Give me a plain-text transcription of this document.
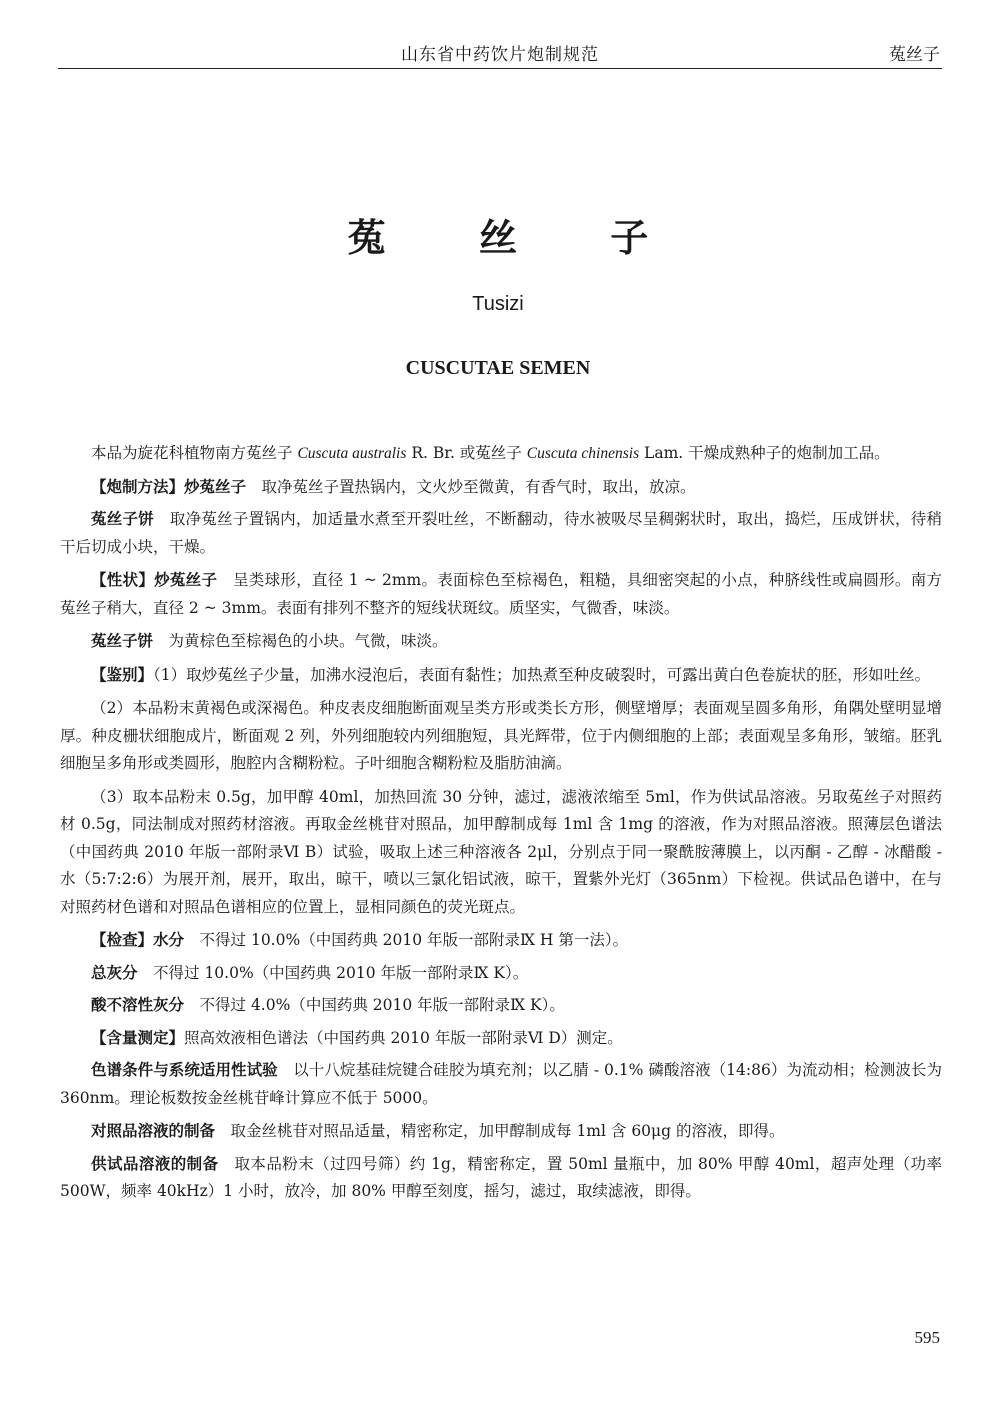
山东省中药饮片炮制规范	菟丝子
菟 丝 子
Tusizi
CUSCUTAE SEMEN

本品为旋花科植物南方菟丝子 Cuscuta australis R. Br. 或菟丝子 Cuscuta chinensis Lam. 干燥成熟种子的炮制加工品。

【炮制方法】炒菟丝子　取净菟丝子置热锅内，文火炒至微黄，有香气时，取出，放凉。

菟丝子饼　取净菟丝子置锅内，加适量水煮至开裂吐丝，不断翻动，待水被吸尽呈稠粥状时，取出，捣烂，压成饼状，待稍干后切成小块，干燥。

【性状】炒菟丝子　呈类球形，直径 1 ~ 2mm。表面棕色至棕褐色，粗糙，具细密突起的小点，种脐线性或扁圆形。南方菟丝子稍大，直径 2 ~ 3mm。表面有排列不整齐的短线状斑纹。质坚实，气微香，味淡。

菟丝子饼　为黄棕色至棕褐色的小块。气微，味淡。

【鉴别】（1）取炒菟丝子少量，加沸水浸泡后，表面有黏性；加热煮至种皮破裂时，可露出黄白色卷旋状的胚，形如吐丝。

（2）本品粉末黄褐色或深褐色。种皮表皮细胞断面观呈类方形或类长方形，侧壁增厚；表面观呈圆多角形，角隅处壁明显增厚。种皮栅状细胞成片，断面观 2 列，外列细胞较内列细胞短，具光辉带，位于内侧细胞的上部；表面观呈多角形，皱缩。胚乳细胞呈多角形或类圆形，胞腔内含糊粉粒。子叶细胞含糊粉粒及脂肪油滴。

（3）取本品粉末 0.5g，加甲醇 40ml，加热回流 30 分钟，滤过，滤液浓缩至 5ml，作为供试品溶液。另取菟丝子对照药材 0.5g，同法制成对照药材溶液。再取金丝桃苷对照品，加甲醇制成每 1ml 含 1mg 的溶液，作为对照品溶液。照薄层色谱法（中国药典 2010 年版一部附录Ⅵ B）试验，吸取上述三种溶液各 2μl，分别点于同一聚酰胺薄膜上，以丙酮 - 乙醇 - 冰醋酸 - 水（5:7:2:6）为展开剂，展开，取出，晾干，喷以三氯化铝试液，晾干，置紫外光灯（365nm）下检视。供试品色谱中，在与对照药材色谱和对照品色谱相应的位置上，显相同颜色的荧光斑点。

【检查】水分　不得过 10.0%（中国药典 2010 年版一部附录Ⅸ H 第一法）。

总灰分　不得过 10.0%（中国药典 2010 年版一部附录Ⅸ K）。

酸不溶性灰分　不得过 4.0%（中国药典 2010 年版一部附录Ⅸ K）。

【含量测定】照高效液相色谱法（中国药典 2010 年版一部附录Ⅵ D）测定。

色谱条件与系统适用性试验　以十八烷基硅烷键合硅胶为填充剂；以乙腈 - 0.1% 磷酸溶液（14:86）为流动相；检测波长为 360nm。理论板数按金丝桃苷峰计算应不低于 5000。

对照品溶液的制备　取金丝桃苷对照品适量，精密称定，加甲醇制成每 1ml 含 60μg 的溶液，即得。

供试品溶液的制备　取本品粉末（过四号筛）约 1g，精密称定，置 50ml 量瓶中，加 80% 甲醇 40ml，超声处理（功率 500W，频率 40kHz）1 小时，放冷，加 80% 甲醇至刻度，摇匀，滤过，取续滤液，即得。

595
